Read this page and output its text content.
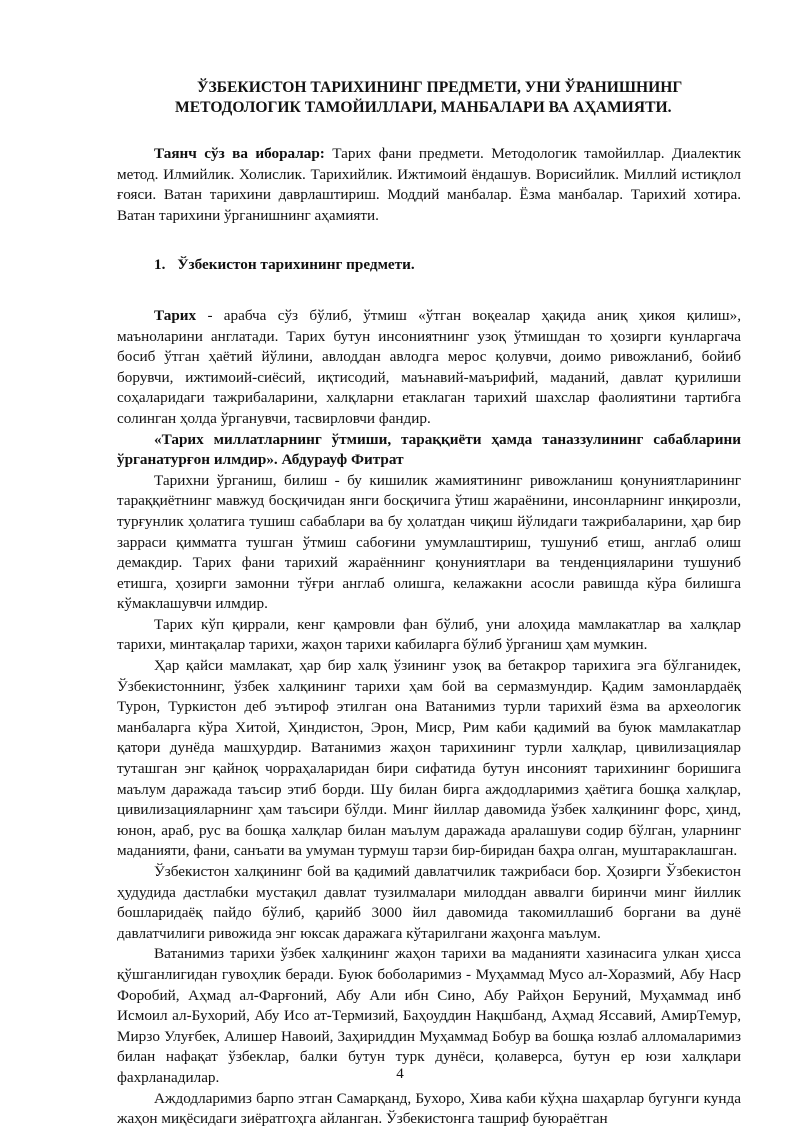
ЎЗБЕКИСТОН ТАРИХИНИНГ ПРЕДМЕТИ, УНИ ЎРАНИШНИНГ
МЕТОДОЛОГИК ТАМОЙИЛЛАРИ, МАНБАЛАРИ ВА АҲАМИЯТИ.

Таянч сўз ва иборалар: Тарих фани предмети. Методологик тамойиллар. Диалектик метод. Илмийлик. Холислик. Тарихийлик. Ижтимоий ёндашув. Ворисийлик. Миллий истиқлол ғояси. Ватан тарихини даврлаштириш. Моддий манбалар. Ёзма манбалар. Тарихий хотира. Ватан тарихини ўрганишнинг аҳамияти.

1. Ўзбекистон тарихининг предмети.

Тарих - арабча сўз бўлиб, ўтмиш «ўтган воқеалар ҳақида аниқ ҳикоя қилиш», маъноларини англатади. Тарих бутун инсониятнинг узоқ ўтмишдан то ҳозирги кунларгача босиб ўтган ҳаётий йўлини, авлоддан авлодга мерос қолувчи, доимо ривожланиб, бойиб борувчи, ижтимоий-сиёсий, иқтисодий, маънавий-маърифий, маданий, давлат қурилиши соҳаларидаги тажрибаларини, халқларни етаклаган тарихий шахслар фаолиятини тартибга солинган ҳолда ўрганувчи, тасвирловчи фандир.

«Тарих миллатларнинг ўтмиши, тараққиёти ҳамда таназзулининг сабабларини ўрганатурғон илмдир». Абдурауф Фитрат

Тарихни ўрганиш, билиш - бу кишилик жамиятининг ривожланиш қонуниятларининг тараққиётнинг мавжуд босқичидан янги босқичига ўтиш жараёнини, инсонларнинг инқирозли, турғунлик ҳолатига тушиш сабаблари ва бу ҳолатдан чиқиш йўлидаги тажрибаларини, ҳар бир зарраси қимматга тушган ўтмиш сабоғини умумлаштириш, тушуниб етиш, англаб олиш демакдир. Тарих фани тарихий жараённинг қонуниятлари ва тенденцияларини тушуниб етишга, ҳозирги замонни тўғри англаб олишга, келажакни асосли равишда кўра билишга кўмаклашувчи илмдир.

Тарих кўп қиррали, кенг қамровли фан бўлиб, уни алоҳида мамлакатлар ва халқлар тарихи, минтақалар тарихи, жаҳон тарихи кабиларга бўлиб ўрганиш ҳам мумкин.

Ҳар қайси мамлакат, ҳар бир халқ ўзининг узоқ ва бетакрор тарихига эга бўлганидек, Ўзбекистоннинг, ўзбек халқининг тарихи ҳам бой ва сермазмундир. Қадим замонлардаёқ Турон, Туркистон деб эътироф этилган она Ватанимиз турли тарихий ёзма ва археологик манбаларга кўра Хитой, Ҳиндистон, Эрон, Миср, Рим каби қадимий ва буюк мамлакатлар қатори дунёда машҳурдир. Ватанимиз жаҳон тарихининг турли халқлар, цивилизациялар туташган энг қайноқ чорраҳаларидан бири сифатида бутун инсоният тарихининг боришига маълум даражада таъсир этиб борди. Шу билан бирга аждодларимиз ҳаётига бошқа халқлар, цивилизацияларнинг ҳам таъсири бўлди. Минг йиллар давомида ўзбек халқининг форс, ҳинд, юнон, араб, рус ва бошқа халқлар билан маълум даражада аралашуви содир бўлган, уларнинг маданияти, фани, санъати ва умуман турмуш тарзи бир-биридан баҳра олган, муштараклашган.

Ўзбекистон халқининг бой ва қадимий давлатчилик тажрибаси бор. Ҳозирги Ўзбекистон ҳудудида дастлабки мустақил давлат тузилмалари милоддан аввалги биринчи минг йиллик бошларидаёқ пайдо бўлиб, қарийб 3000 йил давомида такомиллашиб боргани ва дунё давлатчилиги ривожида энг юксак даражага кўтарилгани жаҳонга маълум.

Ватанимиз тарихи ўзбек халқининг жаҳон тарихи ва маданияти хазинасига улкан ҳисса қўшганлигидан гувоҳлик беради. Буюк боболаримиз - Муҳаммад Мусо ал-Хоразмий, Абу Наср Форобий, Аҳмад ал-Фарғоний, Абу Али ибн Сино, Абу Райҳон Беруний, Муҳаммад инб Исмоил ал-Бухорий, Абу Исо ат-Термизий, Баҳоуддин Нақшбанд, Аҳмад Яссавий, АмирТемур, Мирзо Улуғбек, Алишер Навоий, Заҳириддин Муҳаммад Бобур ва бошқа юзлаб алломаларимиз билан нафақат ўзбеклар, балки бутун турк дунёси, қолаверса, бутун ер юзи халқлари фахрланадилар.

Аждодларимиз барпо этган Самарқанд, Бухоро, Хива каби кўҳна шаҳарлар бугунги кунда жаҳон миқёсидаги зиёратгоҳга айланган. Ўзбекистонга ташриф буюраётган

4
